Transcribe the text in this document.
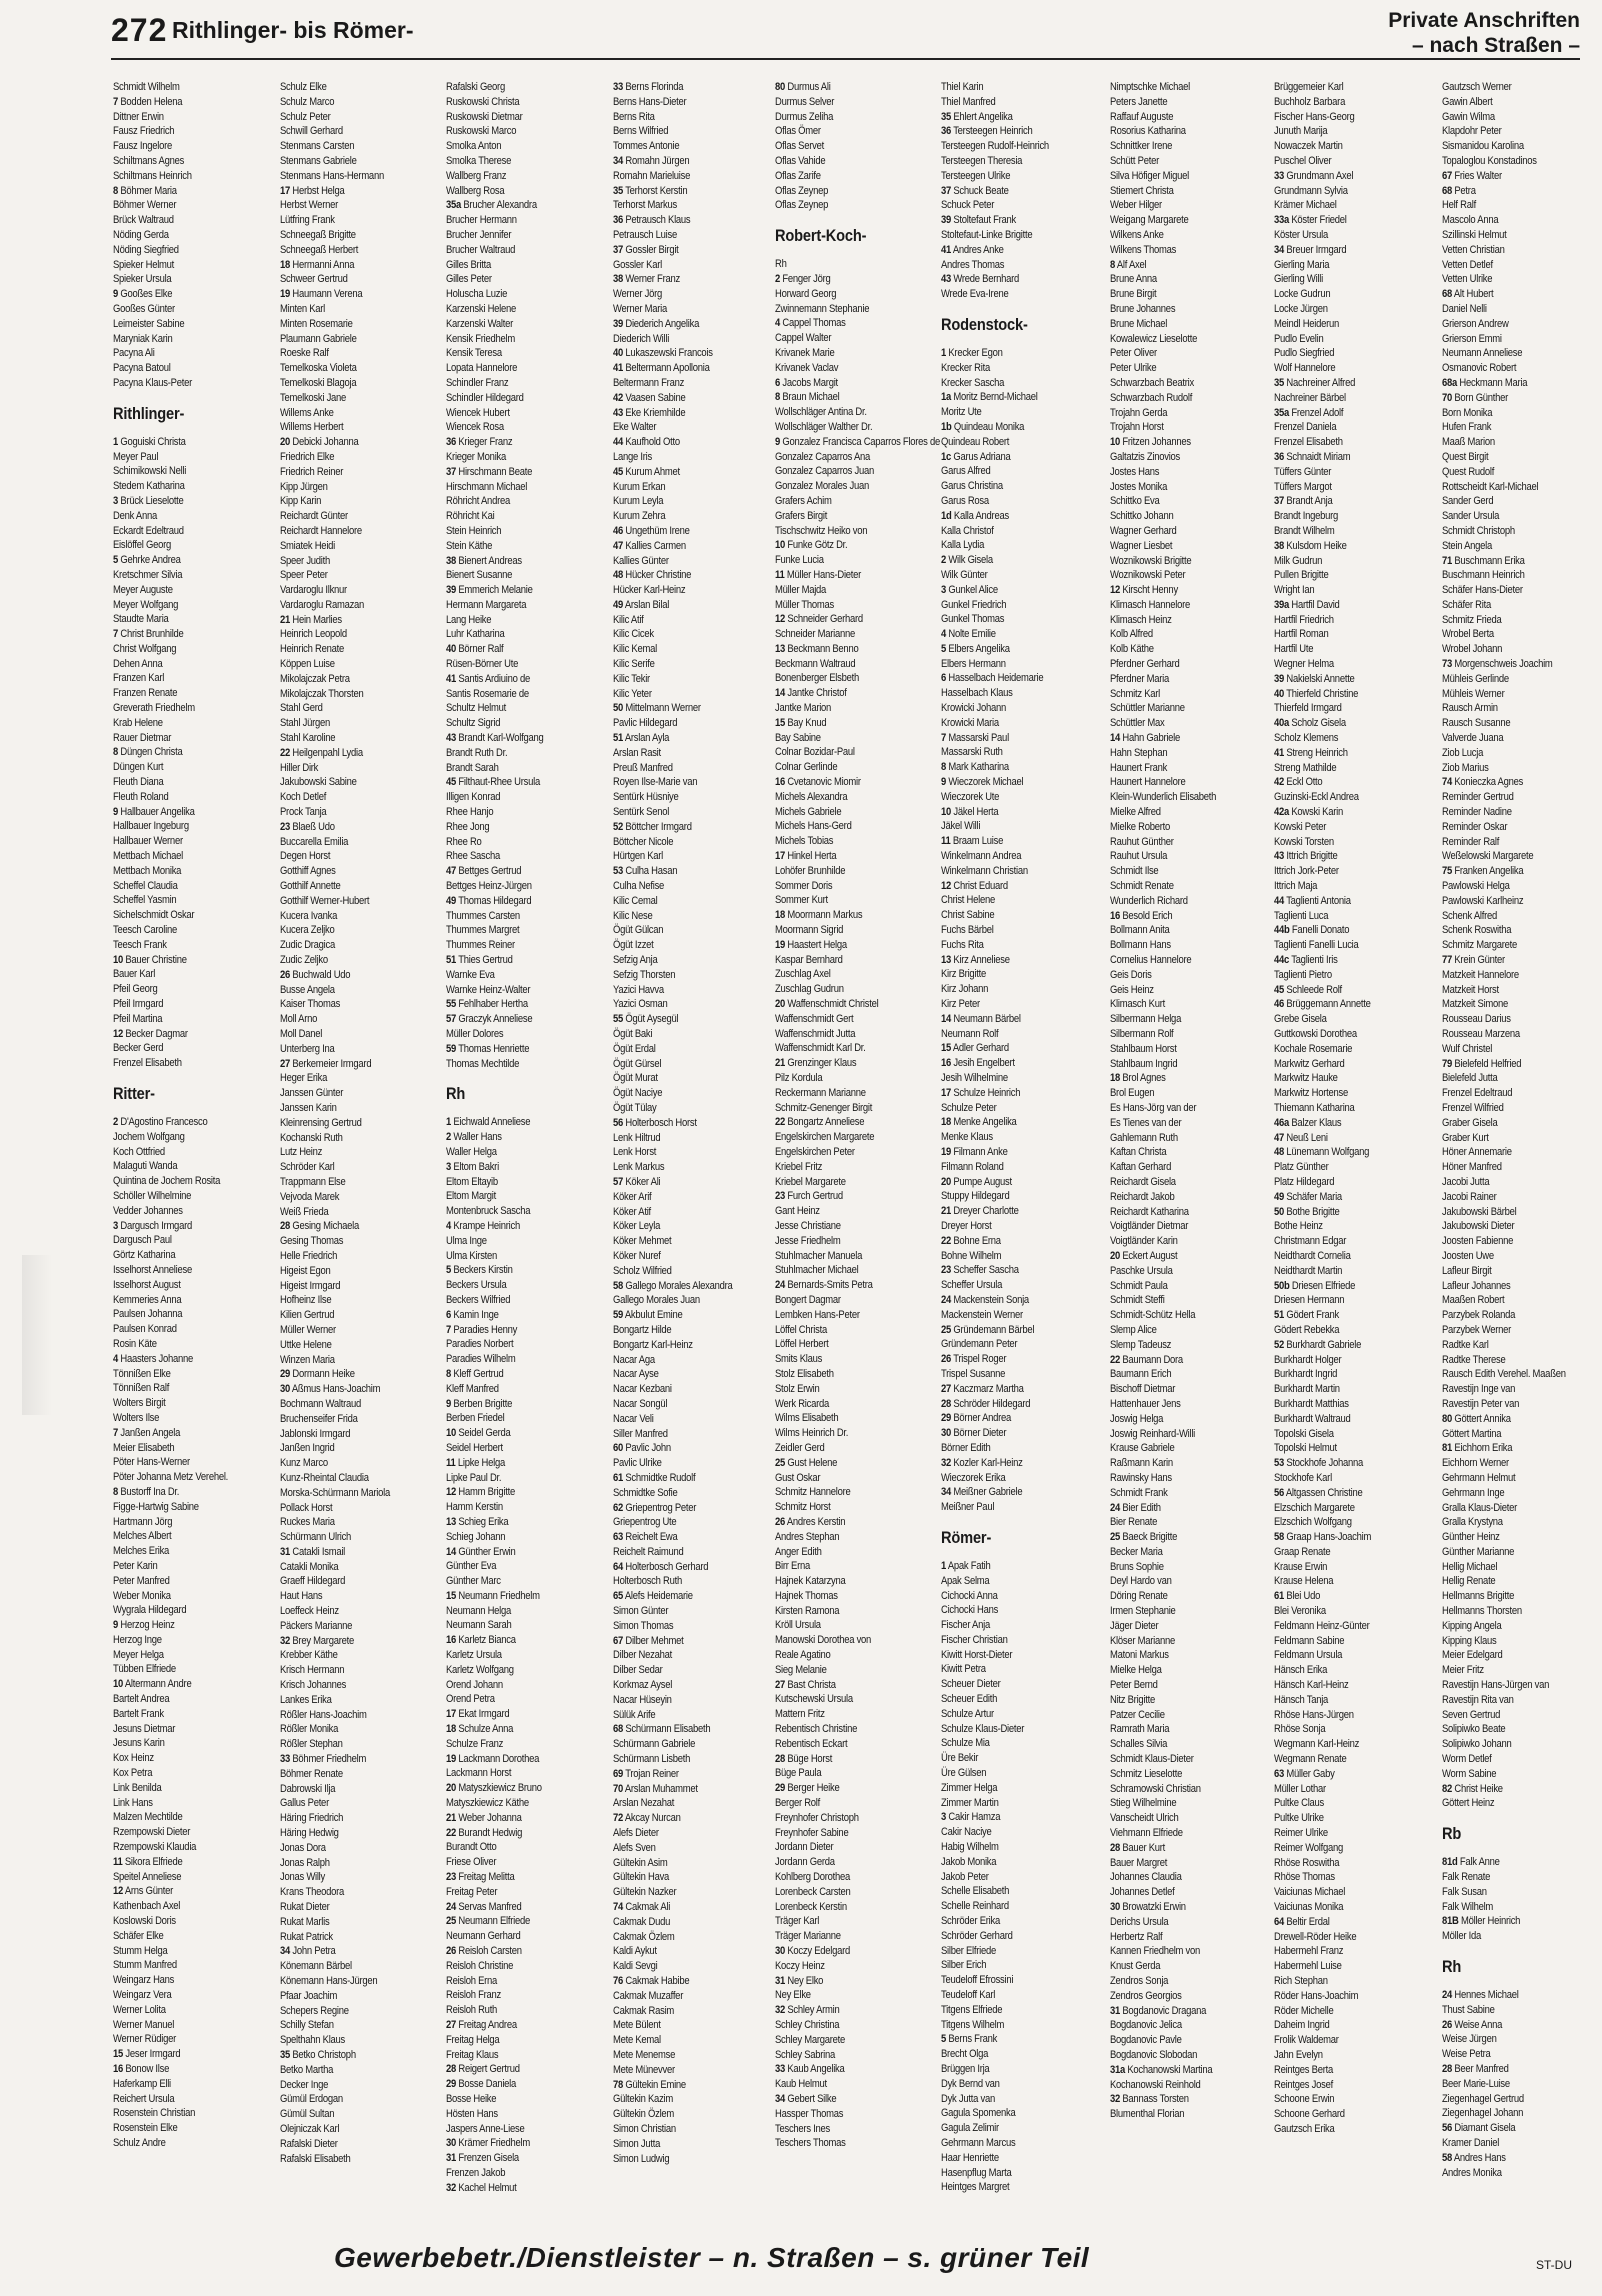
272 Rithlinger- bis Römer-	Private Anschriften
– nach Straßen –
Schmidt Wilhelm
7 Bodden Helena
Dittner Erwin
Fausz Friedrich
Fausz Ingelore
Schiltmans Agnes
Schiltmans Heinrich
8 Böhmer Maria
Böhmer Werner
Brück Waltraud
Nöding Gerda
Nöding Siegfried
Spieker Helmut
Spieker Ursula
9 Gooßes Elke
Gooßes Günter
Leimeister Sabine
Maryniak Karin
Pacyna Ali
Pacyna Batoul
Pacyna Klaus-Peter
Rithlinger-
1 Goguiski Christa
Meyer Paul
Schimikowski Nelli
Stedem Katharina
3 Brück Lieselotte
Denk Anna
Eckardt Edeltraud
Eislöffel Georg
5 Gehrke Andrea
Kretschmer Silvia
Meyer Auguste
Meyer Wolfgang
Staudte Maria
7 Christ Brunhilde
Christ Wolfgang
Dehen Anna
Franzen Karl
Franzen Renate
Greverath Friedhelm
Krab Helene
Rauer Dietmar
8 Düngen Christa
Düngen Kurt
Fleuth Diana
Fleuth Roland
9 Hallbauer Angelika
Hallbauer Ingeburg
Hallbauer Werner
Mettbach Michael
Mettbach Monika
Scheffel Claudia
Scheffel Yasmin
Sichelschmidt Oskar
Teesch Caroline
Teesch Frank
10 Bauer Christine
Bauer Karl
Pfeil Georg
Pfeil Irmgard
Pfeil Martina
12 Becker Dagmar
Becker Gerd
Frenzel Elisabeth
Ritter-
2 D'Agostino Francesco
Jochem Wolfgang
Koch Ottfried
Malaguti Wanda
Quintina de Jochem Rosita
Schöller Wilhelmine
Vedder Johannes
3 Dargusch Irmgard
Dargusch Paul
Görtz Katharina
Isselhorst Anneliese
Isselhorst August
Kemmeries Anna
Paulsen Johanna
Paulsen Konrad
Rosin Käte
4 Haasters Johanne
Tönnißen Elke
Tönnißen Ralf
Wolters Birgit
Wolters Ilse
7 Janßen Angela
Meier Elisabeth
Pöter Hans-Werner
Pöter Johanna Metz Verehel.
8 Bustorff Ina Dr.
Figge-Hartwig Sabine
Hartmann Jörg
Melches Albert
Melches Erika
Peter Karin
Peter Manfred
Weber Monika
Wygrala Hildegard
9 Herzog Heinz
Herzog Inge
Meyer Helga
Tübben Elfriede
10 Altermann Andre
Bartelt Andrea
Bartelt Frank
Jesuns Dietmar
Jesuns Karin
Kox Heinz
Kox Petra
Link Benilda
Link Hans
Malzen Mechtilde
Rzempowski Dieter
Rzempowski Klaudia
11 Sikora Elfriede
Speitel Anneliese
12 Arns Günter
Kathenbach Axel
Koslowski Doris
Schäfer Elke
Stumm Helga
Stumm Manfred
Weingarz Hans
Weingarz Vera
Werner Lolita
Werner Manuel
Werner Rüdiger
15 Jeser Irmgard
16 Bonow Ilse
Haferkamp Elli
Reichert Ursula
Rosenstein Christian
Rosenstein Elke
Schulz Andre
Schulz Elke
Schulz Marco
Schulz Peter
Schwill Gerhard
Stenmans Carsten
Stenmans Gabriele
Stenmans Hans-Hermann
17 Herbst Helga
Herbst Werner
Lütfring Frank
Schneegaß Brigitte
Schneegaß Herbert
18 Hermanni Anna
Schweer Gertrud
19 Haumann Verena
Minten Karl
Minten Rosemarie
Plaumann Gabriele
Roeske Ralf
Temelkoska Violeta
Temelkoski Blagoja
Temelkoski Jane
Willems Anke
Willems Herbert
20 Debicki Johanna
Friedrich Elke
Friedrich Reiner
Kipp Jürgen
Kipp Karin
Reichardt Günter
Reichardt Hannelore
Smiatek Heidi
Speer Judith
Speer Peter
Vardaroglu Ilknur
Vardaroglu Ramazan
21 Hein Marlies
Heinrich Leopold
Heinrich Renate
Köppen Luise
Mikolajczak Petra
Mikolajczak Thorsten
Stahl Gerd
Stahl Jürgen
Stahl Karoline
22 Heilgenpahl Lydia
Hiller Dirk
Jakubowski Sabine
Koch Detlef
Prock Tanja
23 Blaeß Udo
Buccarella Emilia
Degen Horst
Gotthiff Agnes
Gotthilf Annette
Gotthilf Werner-Hubert
Kucera Ivanka
Kucera Zeljko
Zudic Dragica
Zudic Zeljko
26 Buchwald Udo
Busse Angela
Kaiser Thomas
Moll Arno
Moll Danel
Unterberg Ina
27 Berkemeier Irmgard
Heger Erika
Janssen Günter
Janssen Karin
Kleinrensing Gertrud
Kochanski Ruth
Lutz Heinz
Schröder Karl
Trappmann Else
Vejvoda Marek
Weiß Frieda
28 Gesing Michaela
Gesing Thomas
Helle Friedrich
Higeist Egon
Higeist Irmgard
Hofheinz Ilse
Kilien Gertrud
Müller Werner
Uttke Helene
Winzen Maria
29 Dormann Heike
30 Aßmus Hans-Joachim
Bochmann Waltraud
Bruchenseifer Frida
Jablonski Irmgard
Janßen Ingrid
Kunz Marco
Kunz-Rheintal Claudia
Morska-Schürmann Mariola
Pollack Horst
Ruckes Maria
Schürmann Ulrich
31 Catakli Ismail
Catakli Monika
Graeff Hildegard
Haut Hans
Loeffeck Heinz
Päckers Marianne
32 Brey Margarete
Krebber Käthe
Krisch Hermann
Krisch Johannes
Lankes Erika
Rößler Hans-Joachim
Rößler Monika
Rößler Stephan
33 Böhmer Friedhelm
Böhmer Renate
Dabrowski Ilja
Gallus Peter
Häring Friedrich
Häring Hedwig
Jonas Dora
Jonas Ralph
Jonas Willy
Krans Theodora
Rukat Dieter
Rukat Marlis
Rukat Patrick
34 John Petra
Könemann Bärbel
Könemann Hans-Jürgen
Pfaar Joachim
Schepers Regine
Schilly Stefan
Spelthahn Klaus
35 Betko Christoph
Betko Martha
Decker Inge
Gümül Erdogan
Gümül Sultan
Olejniczak Karl
Rafalski Dieter
Rafalski Elisabeth
Rafalski Georg
Ruskowski Christa
Ruskowski Dietmar
Ruskowski Marco
Smolka Anton
Smolka Therese
Wallberg Franz
Wallberg Rosa
35a Brucher Alexandra
Brucher Hermann
Brucher Jennifer
Brucher Waltraud
Gilles Britta
Gilles Peter
Holuscha Luzie
Karzenski Helene
Karzenski Walter
Kensik Friedhelm
Kensik Teresa
Lopata Hannelore
Schindler Franz
Schindler Hildegard
Wiencek Hubert
Wiencek Rosa
36 Krieger Franz
Krieger Monika
37 Hirschmann Beate
Hirschmann Michael
Röhricht Andrea
Röhricht Kai
Stein Heinrich
Stein Käthe
38 Bienert Andreas
Bienert Susanne
39 Emmerich Melanie
Hermann Margareta
Lang Heike
Luhr Katharina
40 Börner Ralf
Rüsen-Börner Ute
41 Santis Ardiuino de
Santis Rosemarie de
Schultz Helmut
Schultz Sigrid
43 Brandt Karl-Wolfgang
Brandt Ruth Dr.
Brandt Sarah
45 Filthaut-Rhee Ursula
Illigen Konrad
Rhee Hanjo
Rhee Jong
Rhee Ro
Rhee Sascha
47 Bettges Gertrud
Bettges Heinz-Jürgen
49 Thomas Hildegard
Thummes Carsten
Thummes Margret
Thummes Reiner
51 Thies Gertrud
Warnke Eva
Warnke Heinz-Walter
55 Fehlhaber Hertha
57 Graczyk Anneliese
Müller Dolores
59 Thomas Henriette
Thomas Mechtilde
Rh
1 Eichwald Anneliese
2 Waller Hans
Waller Helga
3 Eltom Bakri
Eltom Eltayib
Eltom Margit
Montenbruck Sascha
4 Krampe Heinrich
Ulma Inge
Ulma Kirsten
5 Beckers Kirstin
Beckers Ursula
Beckers Wilfried
6 Kamin Inge
7 Paradies Henny
Paradies Norbert
Paradies Wilhelm
8 Kleff Gertrud
Kleff Manfred
9 Berben Brigitte
Berben Friedel
10 Seidel Gerda
Seidel Herbert
11 Lipke Helga
Lipke Paul Dr.
12 Hamm Brigitte
Hamm Kerstin
13 Schieg Erika
Schieg Johann
14 Günther Erwin
Günther Eva
Günther Marc
15 Neumann Friedhelm
Neumann Helga
Neumann Sarah
16 Karletz Bianca
Karletz Ursula
Karletz Wolfgang
Orend Johann
Orend Petra
17 Ekat Irmgard
18 Schulze Anna
Schulze Franz
19 Lackmann Dorothea
Lackmann Horst
20 Matyszkiewicz Bruno
Matyszkiewicz Käthe
21 Weber Johanna
22 Burandt Hedwig
Burandt Otto
Friese Oliver
23 Freitag Melitta
Freitag Peter
24 Servas Manfred
25 Neumann Elfriede
Neumann Gerhard
26 Reisloh Carsten
Reisloh Christine
Reisloh Erna
Reisloh Franz
Reisloh Ruth
27 Freitag Andrea
Freitag Helga
Freitag Klaus
28 Reigert Gertrud
29 Bosse Daniela
Bosse Heike
Hösten Hans
Jaspers Anne-Liese
30 Krämer Friedhelm
31 Frenzen Gisela
Frenzen Jakob
32 Kachel Helmut
33 Berns Florinda
Berns Hans-Dieter
Berns Rita
Berns Wilfried
Tommes Antonie
34 Romahn Jürgen
Romahn Marieluise
35 Terhorst Kerstin
Terhorst Markus
36 Petrausch Klaus
Petrausch Luise
37 Gossler Birgit
Gossler Karl
38 Werner Franz
Werner Jörg
Werner Maria
39 Diederich Angelika
Diederich Willi
40 Lukaszewski Francois
41 Beltermann Apollonia
Beltermann Franz
42 Vaasen Sabine
43 Eke Kriemhilde
Eke Walter
44 Kaufhold Otto
Lange Iris
45 Kurum Ahmet
Kurum Erkan
Kurum Leyla
Kurum Zehra
46 Ungethüm Irene
47 Kallies Carmen
Kallies Günter
48 Hücker Christine
Hücker Karl-Heinz
49 Arslan Bilal
Kilic Atif
Kilic Cicek
Kilic Kemal
Kilic Serife
Kilic Tekir
Kilic Yeter
50 Mittelmann Werner
Pavlic Hildegard
51 Arslan Ayla
Arslan Rasit
Preuß Manfred
Royen Ilse-Marie van
Sentürk Hüsniye
Sentürk Senol
52 Böttcher Irmgard
Böttcher Nicole
Hürtgen Karl
53 Culha Hasan
Culha Nefise
Kilic Cemal
Kilic Nese
Ögüt Gülcan
Ögüt Izzet
Sefzig Anja
Sefzig Thorsten
Yazici Havva
Yazici Osman
55 Ögüt Aysegül
Ögüt Baki
Ögüt Erdal
Ögüt Gürsel
Ögüt Murat
Ögüt Naciye
Ögüt Tülay
56 Holterbosch Horst
Lenk Hiltrud
Lenk Horst
Lenk Markus
57 Köker Ali
Köker Arif
Köker Atif
Köker Leyla
Köker Mehmet
Köker Nuref
Scholz Wilfried
58 Gallego Morales Alexandra
Gallego Morales Juan
59 Akbulut Emine
Bongartz Hilde
Bongartz Karl-Heinz
Nacar Aga
Nacar Ayse
Nacar Kezbani
Nacar Songül
Nacar Veli
Siller Manfred
60 Pavlic John
Pavlic Ulrike
61 Schmidtke Rudolf
Schmidtke Sofie
62 Griepentrog Peter
Griepentrog Ute
63 Reichelt Ewa
Reichelt Raimund
64 Holterbosch Gerhard
Holterbosch Ruth
65 Alefs Heidemarie
Simon Günter
Simon Thomas
67 Dilber Mehmet
Dilber Nezahat
Dilber Sedar
Korkmaz Aysel
Nacar Hüseyin
Sülük Arife
68 Schürmann Elisabeth
Schürmann Gabriele
Schürmann Lisbeth
69 Trojan Reiner
70 Arslan Muhammet
Arslan Nezahat
72 Akcay Nurcan
Alefs Dieter
Alefs Sven
Gültekin Asim
Gültekin Hava
Gültekin Nazker
74 Cakmak Ali
Cakmak Dudu
Cakmak Özlem
Kaldi Aykut
Kaldi Sevgi
76 Cakmak Habibe
Cakmak Muzaffer
Cakmak Rasim
Mete Bülent
Mete Kemal
Mete Menemse
Mete Münevver
78 Gültekin Emine
Gültekin Kazim
Gültekin Özlem
Simon Christian
Simon Jutta
Simon Ludwig
80 Durmus Ali
Durmus Selver
Durmus Zeliha
Oflas Ömer
Oflas Servet
Oflas Vahide
Oflas Zarife
Oflas Zeynep
Oflas Zeynep
Robert-Koch-
Rh
2 Fenger Jörg
Horward Georg
Zwinnemann Stephanie
4 Cappel Thomas
Cappel Walter
Krivanek Marie
Krivanek Vaclav
6 Jacobs Margit
8 Braun Michael
Wollschläger Antina Dr.
Wollschläger Walther Dr.
9 Gonzalez Francisca Caparros Flores de
Gonzalez Caparros Ana
Gonzalez Caparros Juan
Gonzalez Morales Juan
Grafers Achim
Grafers Birgit
Tischschwitz Heiko von
10 Funke Götz Dr.
Funke Lucia
11 Müller Hans-Dieter
Müller Majda
Müller Thomas
12 Schneider Gerhard
Schneider Marianne
13 Beckmann Benno
Beckmann Waltraud
Bonenberger Elsbeth
14 Jantke Christof
Jantke Marion
15 Bay Knud
Bay Sabine
Colnar Bozidar-Paul
Colnar Gerlinde
16 Cvetanovic Miomir
Michels Alexandra
Michels Gabriele
Michels Hans-Gerd
Michels Tobias
17 Hinkel Herta
Lohöfer Brunhilde
Sommer Doris
Sommer Kurt
18 Moormann Markus
Moormann Sigrid
19 Haastert Helga
Kaspar Bernhard
Zuschlag Axel
Zuschlag Gudrun
20 Waffenschmidt Christel
Waffenschmidt Gert
Waffenschmidt Jutta
Waffenschmidt Karl Dr.
21 Grenzinger Klaus
Pilz Kordula
Reckermann Marianne
Schmitz-Genenger Birgit
22 Bongartz Anneliese
Engelskirchen Margarete
Engelskirchen Peter
Kriebel Fritz
Kriebel Margarete
23 Furch Gertrud
Gant Heinz
Jesse Christiane
Jesse Friedhelm
Stuhlmacher Manuela
Stuhlmacher Michael
24 Bernards-Smits Petra
Bongert Dagmar
Lembken Hans-Peter
Löffel Christa
Löffel Herbert
Smits Klaus
Stolz Elisabeth
Stolz Erwin
Werk Ricarda
Wilms Elisabeth
Wilms Heinrich Dr.
Zeidler Gerd
25 Gust Helene
Gust Oskar
Schmitz Hannelore
Schmitz Horst
26 Andres Kerstin
Andres Stephan
Anger Edith
Birr Erna
Hajnek Katarzyna
Hajnek Thomas
Kirsten Ramona
Kröll Ursula
Manowski Dorothea von
Reale Agatino
Sieg Melanie
27 Bast Christa
Kutschewski Ursula
Mattern Fritz
Rebentisch Christine
Rebentisch Eckart
28 Büge Horst
Büge Paula
29 Berger Heike
Berger Rolf
Freynhofer Christoph
Freynhofer Sabine
Jordann Dieter
Jordann Gerda
Kohlberg Dorothea
Lorenbeck Carsten
Lorenbeck Kerstin
Träger Karl
Träger Marianne
30 Koczy Edelgard
Koczy Heinz
31 Ney Elko
Ney Elke
32 Schley Armin
Schley Christina
Schley Margarete
Schley Sabrina
33 Kaub Angelika
Kaub Helmut
34 Gebert Silke
Hassper Thomas
Teschers Ines
Teschers Thomas
Thiel Karin
Thiel Manfred
35 Ehlert Angelika
36 Tersteegen Heinrich
Tersteegen Rudolf-Heinrich
Tersteegen Theresia
Tersteegen Ulrike
37 Schuck Beate
Schuck Peter
39 Stoltefaut Frank
Stoltefaut-Linke Brigitte
41 Andres Anke
Andres Thomas
43 Wrede Bernhard
Wrede Eva-Irene
Rodenstock-
1 Krecker Egon
Krecker Rita
Krecker Sascha
1a Moritz Bernd-Michael
Moritz Ute
1b Quindeau Monika
Quindeau Robert
1c Garus Adriana
Garus Alfred
Garus Christina
Garus Rosa
1d Kalla Andreas
Kalla Christof
Kalla Lydia
2 Wilk Gisela
Wilk Günter
3 Gunkel Alice
Gunkel Friedrich
Gunkel Thomas
4 Nolte Emilie
5 Elbers Angelika
Elbers Hermann
6 Hasselbach Heidemarie
Hasselbach Klaus
Krowicki Johann
Krowicki Maria
7 Massarski Paul
Massarski Ruth
8 Mark Katharina
9 Wieczorek Michael
Wieczorek Ute
10 Jäkel Herta
Jäkel Willi
11 Braam Luise
Winkelmann Andrea
Winkelmann Christian
12 Christ Eduard
Christ Helene
Christ Sabine
Fuchs Bärbel
Fuchs Rita
13 Kirz Anneliese
Kirz Brigitte
Kirz Johann
Kirz Peter
14 Neumann Bärbel
Neumann Rolf
15 Adler Gerhard
16 Jesih Engelbert
Jesih Wilhelmine
17 Schulze Heinrich
Schulze Peter
18 Menke Angelika
Menke Klaus
19 Filmann Anke
Filmann Roland
20 Pumpe August
Stuppy Hildegard
21 Dreyer Charlotte
Dreyer Horst
22 Bohne Erna
Bohne Wilhelm
23 Scheffer Sascha
Scheffer Ursula
24 Mackenstein Sonja
Mackenstein Werner
25 Gründemann Bärbel
Gründemann Peter
26 Trispel Roger
Trispel Susanne
27 Kaczmarz Martha
28 Schröder Hildegard
29 Börner Andrea
30 Börner Dieter
Börner Edith
32 Kozler Karl-Heinz
Wieczorek Erika
34 Meißner Gabriele
Meißner Paul
Römer-
1 Apak Fatih
Apak Selma
Cichocki Anna
Cichocki Hans
Fischer Anja
Fischer Christian
Kiwitt Horst-Dieter
Kiwitt Petra
Scheuer Dieter
Scheuer Edith
Schulze Artur
Schulze Klaus-Dieter
Schulze Mia
Üre Bekir
Üre Gülsen
Zimmer Helga
Zimmer Martin
3 Cakir Hamza
Cakir Naciye
Habig Wilhelm
Jakob Monika
Jakob Peter
Schelle Elisabeth
Schelle Reinhard
Schröder Erika
Schröder Gerhard
Silber Elfriede
Silber Erich
Teudeloff Efrossini
Teudeloff Karl
Titgens Elfriede
Titgens Wilhelm
5 Berns Frank
Brecht Olga
Brüggen Irja
Dyk Bernd van
Dyk Jutta van
Gagula Spomenka
Gagula Zelimir
Gehrmann Marcus
Haar Henriette
Hasenpflug Marta
Heintges Margret
Nimptschke Michael
Peters Janette
Raffauf Auguste
Rosorius Katharina
Schnittker Irene
Schütt Peter
Silva Höfiger Miguel
Stiemert Christa
Weber Hilger
Weigang Margarete
Wilkens Anke
Wilkens Thomas
8 Alf Axel
Brune Anna
Brune Birgit
Brune Johannes
Brune Michael
Kowalewicz Lieselotte
Peter Oliver
Peter Ulrike
Schwarzbach Beatrix
Schwarzbach Rudolf
Trojahn Gerda
Trojahn Horst
10 Fritzen Johannes
Galtatzis Zinovios
Jostes Hans
Jostes Monika
Schittko Eva
Schittko Johann
Wagner Gerhard
Wagner Liesbet
Woznikowski Brigitte
Woznikowski Peter
12 Kirscht Henny
Klimasch Hannelore
Klimasch Heinz
Kolb Alfred
Kolb Käthe
Pferdner Gerhard
Pferdner Maria
Schmitz Karl
Schüttler Marianne
Schüttler Max
14 Hahn Gabriele
Hahn Stephan
Haunert Frank
Haunert Hannelore
Klein-Wunderlich Elisabeth
Mielke Alfred
Mielke Roberto
Rauhut Günther
Rauhut Ursula
Schmidt Ilse
Schmidt Renate
Wunderlich Richard
16 Besold Erich
Bollmann Anita
Bollmann Hans
Cornelius Hannelore
Geis Doris
Geis Heinz
Klimasch Kurt
Silbermann Helga
Silbermann Rolf
Stahlbaum Horst
Stahlbaum Ingrid
18 Brol Agnes
Brol Eugen
Es Hans-Jörg van der
Es Tienes van der
Gahlemann Ruth
Kaftan Christa
Kaftan Gerhard
Reichardt Gisela
Reichardt Jakob
Reichardt Katharina
Voigtländer Dietmar
Voigtländer Karin
20 Eckert August
Paschke Ursula
Schmidt Paula
Schmidt Steffi
Schmidt-Schütz Hella
Slemp Alice
Slemp Tadeusz
22 Baumann Dora
Baumann Erich
Bischoff Dietmar
Hattenhauer Jens
Joswig Helga
Joswig Reinhard-Willi
Krause Gabriele
Raßmann Karin
Rawinsky Hans
Schmidt Frank
24 Bier Edith
Bier Renate
25 Baeck Brigitte
Becker Maria
Bruns Sophie
Deyl Hardo van
Döring Renate
Irmen Stephanie
Jäger Dieter
Klöser Marianne
Matoni Markus
Mielke Helga
Peter Bernd
Nitz Brigitte
Patzer Cecilie
Ramrath Maria
Schalles Silvia
Schmidt Klaus-Dieter
Schmitz Lieselotte
Schramowski Christian
Stieg Wilhelmine
Vanscheidt Ulrich
Viehmann Elfriede
28 Bauer Kurt
Bauer Margret
Johannes Claudia
Johannes Detlef
30 Browatzki Erwin
Derichs Ursula
Herbertz Ralf
Kannen Friedhelm von
Knust Gerda
Zendros Sonja
Zendros Georgios
31 Bogdanovic Dragana
Bogdanovic Jelica
Bogdanovic Pavle
Bogdanovic Slobodan
31a Kochanowski Martina
Kochanowski Reinhold
32 Bannass Torsten
Blumenthal Florian
Brüggemeier Karl
Buchholz Barbara
Fischer Hans-Georg
Junuth Marija
Nowaczek Martin
Puschel Oliver
33 Grundmann Axel
Grundmann Sylvia
Krämer Michael
33a Köster Friedel
Köster Ursula
34 Breuer Irmgard
Gierling Maria
Gierling Willi
Locke Gudrun
Locke Jürgen
Meindl Heiderun
Pudlo Evelin
Pudlo Siegfried
Wolf Hannelore
35 Nachreiner Alfred
Nachreiner Bärbel
35a Frenzel Adolf
Frenzel Daniela
Frenzel Elisabeth
36 Schnaidt Miriam
Tüffers Günter
Tüffers Margot
37 Brandt Anja
Brandt Ingeburg
Brandt Wilhelm
38 Kulsdom Heike
Milk Gudrun
Pullen Brigitte
Wright Ian
39a Hartfil David
Hartfil Friedrich
Hartfil Roman
Hartfil Ute
Wegner Helma
39 Nakielski Annette
40 Thierfeld Christine
Thierfeld Irmgard
40a Scholz Gisela
Scholz Klemens
41 Streng Heinrich
Streng Mathilde
42 Eckl Otto
Guzinski-Eckl Andrea
42a Kowski Karin
Kowski Peter
Kowski Torsten
43 Ittrich Brigitte
Ittrich Jork-Peter
Ittrich Maja
44 Taglienti Antonia
Taglienti Luca
44b Fanelli Donato
Taglienti Fanelli Lucia
44c Taglienti Iris
Taglienti Pietro
45 Schleede Rolf
46 Brüggemann Annette
Grebe Gisela
Guttkowski Dorothea
Kochale Rosemarie
Markwitz Gerhard
Markwitz Hauke
Markwitz Hortense
Thiemann Katharina
46a Balzer Klaus
47 Neuß Leni
48 Lünemann Wolfgang
Platz Günther
Platz Hildegard
49 Schäfer Maria
50 Bothe Brigitte
Bothe Heinz
Christmann Edgar
Neidthardt Cornelia
Neidthardt Martin
50b Driesen Elfriede
Driesen Hermann
51 Gödert Frank
Gödert Rebekka
52 Burkhardt Gabriele
Burkhardt Holger
Burkhardt Ingrid
Burkhardt Martin
Burkhardt Matthias
Burkhardt Waltraud
Topolski Gisela
Topolski Helmut
53 Stockhofe Johanna
Stockhofe Karl
56 Altgassen Christine
Elzschich Margarete
Elzschich Wolfgang
58 Graap Hans-Joachim
Graap Renate
Krause Erwin
Krause Helena
61 Blei Udo
Blei Veronika
Feldmann Heinz-Günter
Feldmann Sabine
Feldmann Ursula
Hänsch Erika
Hänsch Karl-Heinz
Hänsch Tanja
Rhöse Hans-Jürgen
Rhöse Sonja
Wegmann Karl-Heinz
Wegmann Renate
63 Müller Gaby
Müller Lothar
Pultke Claus
Pultke Ulrike
Reimer Ulrike
Reimer Wolfgang
Rhöse Roswitha
Rhöse Thomas
Vaiciunas Michael
Vaiciunas Monika
64 Beltir Erdal
Drewell-Röder Heike
Habermehl Franz
Habermehl Luise
Rich Stephan
Röder Hans-Joachim
Röder Michelle
Daheim Ingrid
Frolik Waldemar
Jahn Evelyn
Reintges Berta
Reintges Josef
Schoone Erwin
Schoone Gerhard
Gautzsch Erika
Gautzsch Werner
Gawin Albert
Gawin Wilma
Klapdohr Peter
Sismanidou Karolina
Topaloglou Konstadinos
67 Fries Walter
68 Petra
Helf Ralf
Mascolo Anna
Szillinski Helmut
Vetten Christian
Vetten Detlef
Vetten Ulrike
68 Alt Hubert
Daniel Nelli
Grierson Andrew
Grierson Emmi
Neumann Anneliese
Osmanovic Robert
68a Heckmann Maria
70 Born Günther
Born Monika
Hufen Frank
Maaß Marion
Quest Birgit
Quest Rudolf
Rottscheidt Karl-Michael
Sander Gerd
Sander Ursula
Schmidt Christoph
Stein Angela
71 Buschmann Erika
Buschmann Heinrich
Schäfer Hans-Dieter
Schäfer Rita
Schmitz Frieda
Wrobel Berta
Wrobel Johann
73 Morgenschweis Joachim
Mühleis Gerlinde
Mühleis Werner
Rausch Armin
Rausch Susanne
Valverde Juana
Ziob Lucja
Ziob Marius
74 Konieczka Agnes
Reminder Gertrud
Reminder Nadine
Reminder Oskar
Reminder Ralf
Weßelowski Margarete
75 Franken Angelika
Pawlowski Helga
Pawlowski Karlheinz
Schenk Alfred
Schenk Roswitha
Schmitz Margarete
77 Krein Günter
Matzkeit Hannelore
Matzkeit Horst
Matzkeit Simone
Rousseau Darius
Rousseau Marzena
Wulf Christel
79 Bielefeld Helfried
Bielefeld Jutta
Frenzel Edeltraud
Frenzel Wilfried
Graber Gisela
Graber Kurt
Höner Annemarie
Höner Manfred
Jacobi Jutta
Jacobi Rainer
Jakubowski Bärbel
Jakubowski Dieter
Joosten Fabienne
Joosten Uwe
Lafleur Birgit
Lafleur Johannes
Maaßen Robert
Parzybek Rolanda
Parzybek Werner
Radtke Karl
Radtke Therese
Rausch Edith Verehel. Maaßen
Ravestijn Inge van
Ravestijn Peter van
80 Göttert Annika
Göttert Martina
81 Eichhorn Erika
Eichhorn Werner
Gehrmann Helmut
Gehrmann Inge
Gralla Klaus-Dieter
Gralla Krystyna
Günther Heinz
Günther Marianne
Hellig Michael
Hellig Renate
Hellmanns Brigitte
Hellmanns Thorsten
Kipping Angela
Kipping Klaus
Meier Edelgard
Meier Fritz
Ravestijn Hans-Jürgen van
Ravestijn Rita van
Seven Gertrud
Solipiwko Beate
Solipiwko Johann
Worm Detlef
Worm Sabine
82 Christ Heike
Göttert Heinz
Rb
81d Falk Anne
Falk Renate
Falk Susan
Falk Wilhelm
81B Möller Heinrich
Möller Ida
Rh
24 Hennes Michael
Thust Sabine
26 Weise Anna
Weise Jürgen
Weise Petra
28 Beer Manfred
Beer Marie-Luise
Ziegenhagel Gertrud
Ziegenhagel Johann
56 Diamant Gisela
Kramer Daniel
58 Andres Hans
Andres Monika
Gewerbebetr./Dienstleister – n. Straßen – s. grüner Teil	ST-DU
